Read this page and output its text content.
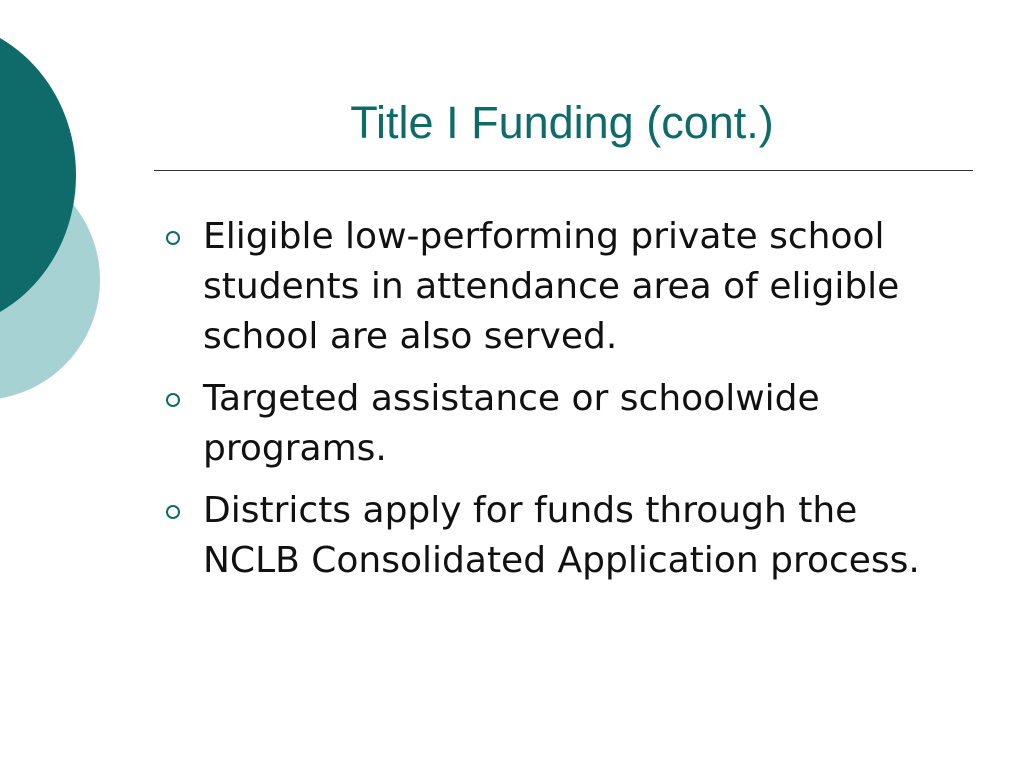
Title I Funding (cont.)
Eligible low-performing private school students in attendance area of eligible school are also served.
Targeted assistance or schoolwide programs.
Districts apply for funds through the NCLB Consolidated Application process.
